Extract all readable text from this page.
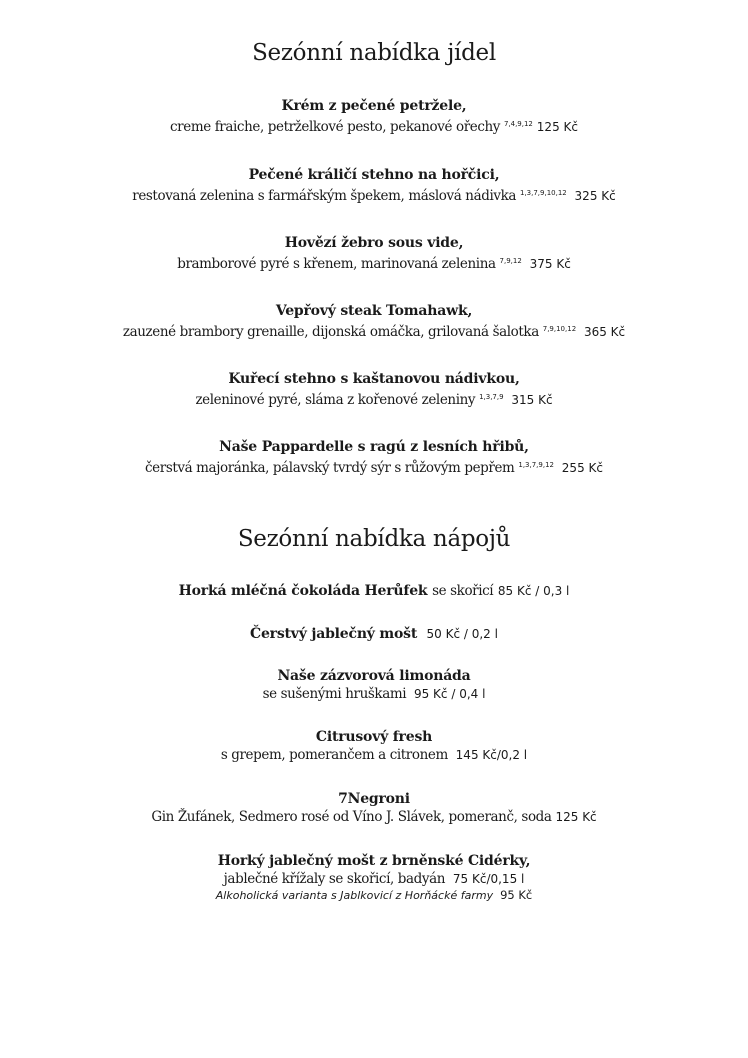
Sezónní nabídka jídel
Krém z pečené petržele,
creme fraiche, petrželkové pesto, pekanové ořechy $^{7,4,9,12}$ 125 Kč
Pečené králičí stehno na hořčici,
restovaná zelenina s farmářským špekem, máslová nádivka $^{1,3,7,9,10,12}$ 325 Kč
Hovězí žebro sous vide,
bramborové pyré s křenem, marinovaná zelenina $^{7,9,12}$ 375 Kč
Vepřový steak Tomahawk,
zauzené brambory grenaille, dijonská omáčka, grilovaná šalotka $^{7,9,10,12}$ 365 Kč
Kuřecí stehno s kaštanovou nádivkou,
zeleninové pyré, sláma z kořenové zeleniny $^{1,3,7,9}$ 315 Kč
Naše Pappardelle s ragú z lesních hřibů,
čerstvá majoránka, pálavský tvrdý sýr s růžovým pepřem $^{1,3,7,9,12}$ 255 Kč
Sezónní nabídka nápojů
Horká mléčná čokoláda Herůfek se skořicí 85 Kč / 0,3 l
Čerstvý jablečný mošt 50 Kč / 0,2 l
Naše zázvorová limonáda
se sušenými hruškami 95 Kč / 0,4 l
Citrusový fresh
s grepem, pomerančem a citronem 145 Kč/0,2 l
7Negroni
Gin Žufánek, Sedmero rosé od Víno J. Slávek, pomeranč, soda 125 Kč
Horký jablečný mošt z brněnské Cidérky,
jablečné křížaly se skořicí, badyán 75 Kč/0,15 l
Alkoholická varianta s Jablkovicí z Horňácké farmy 95 Kč
